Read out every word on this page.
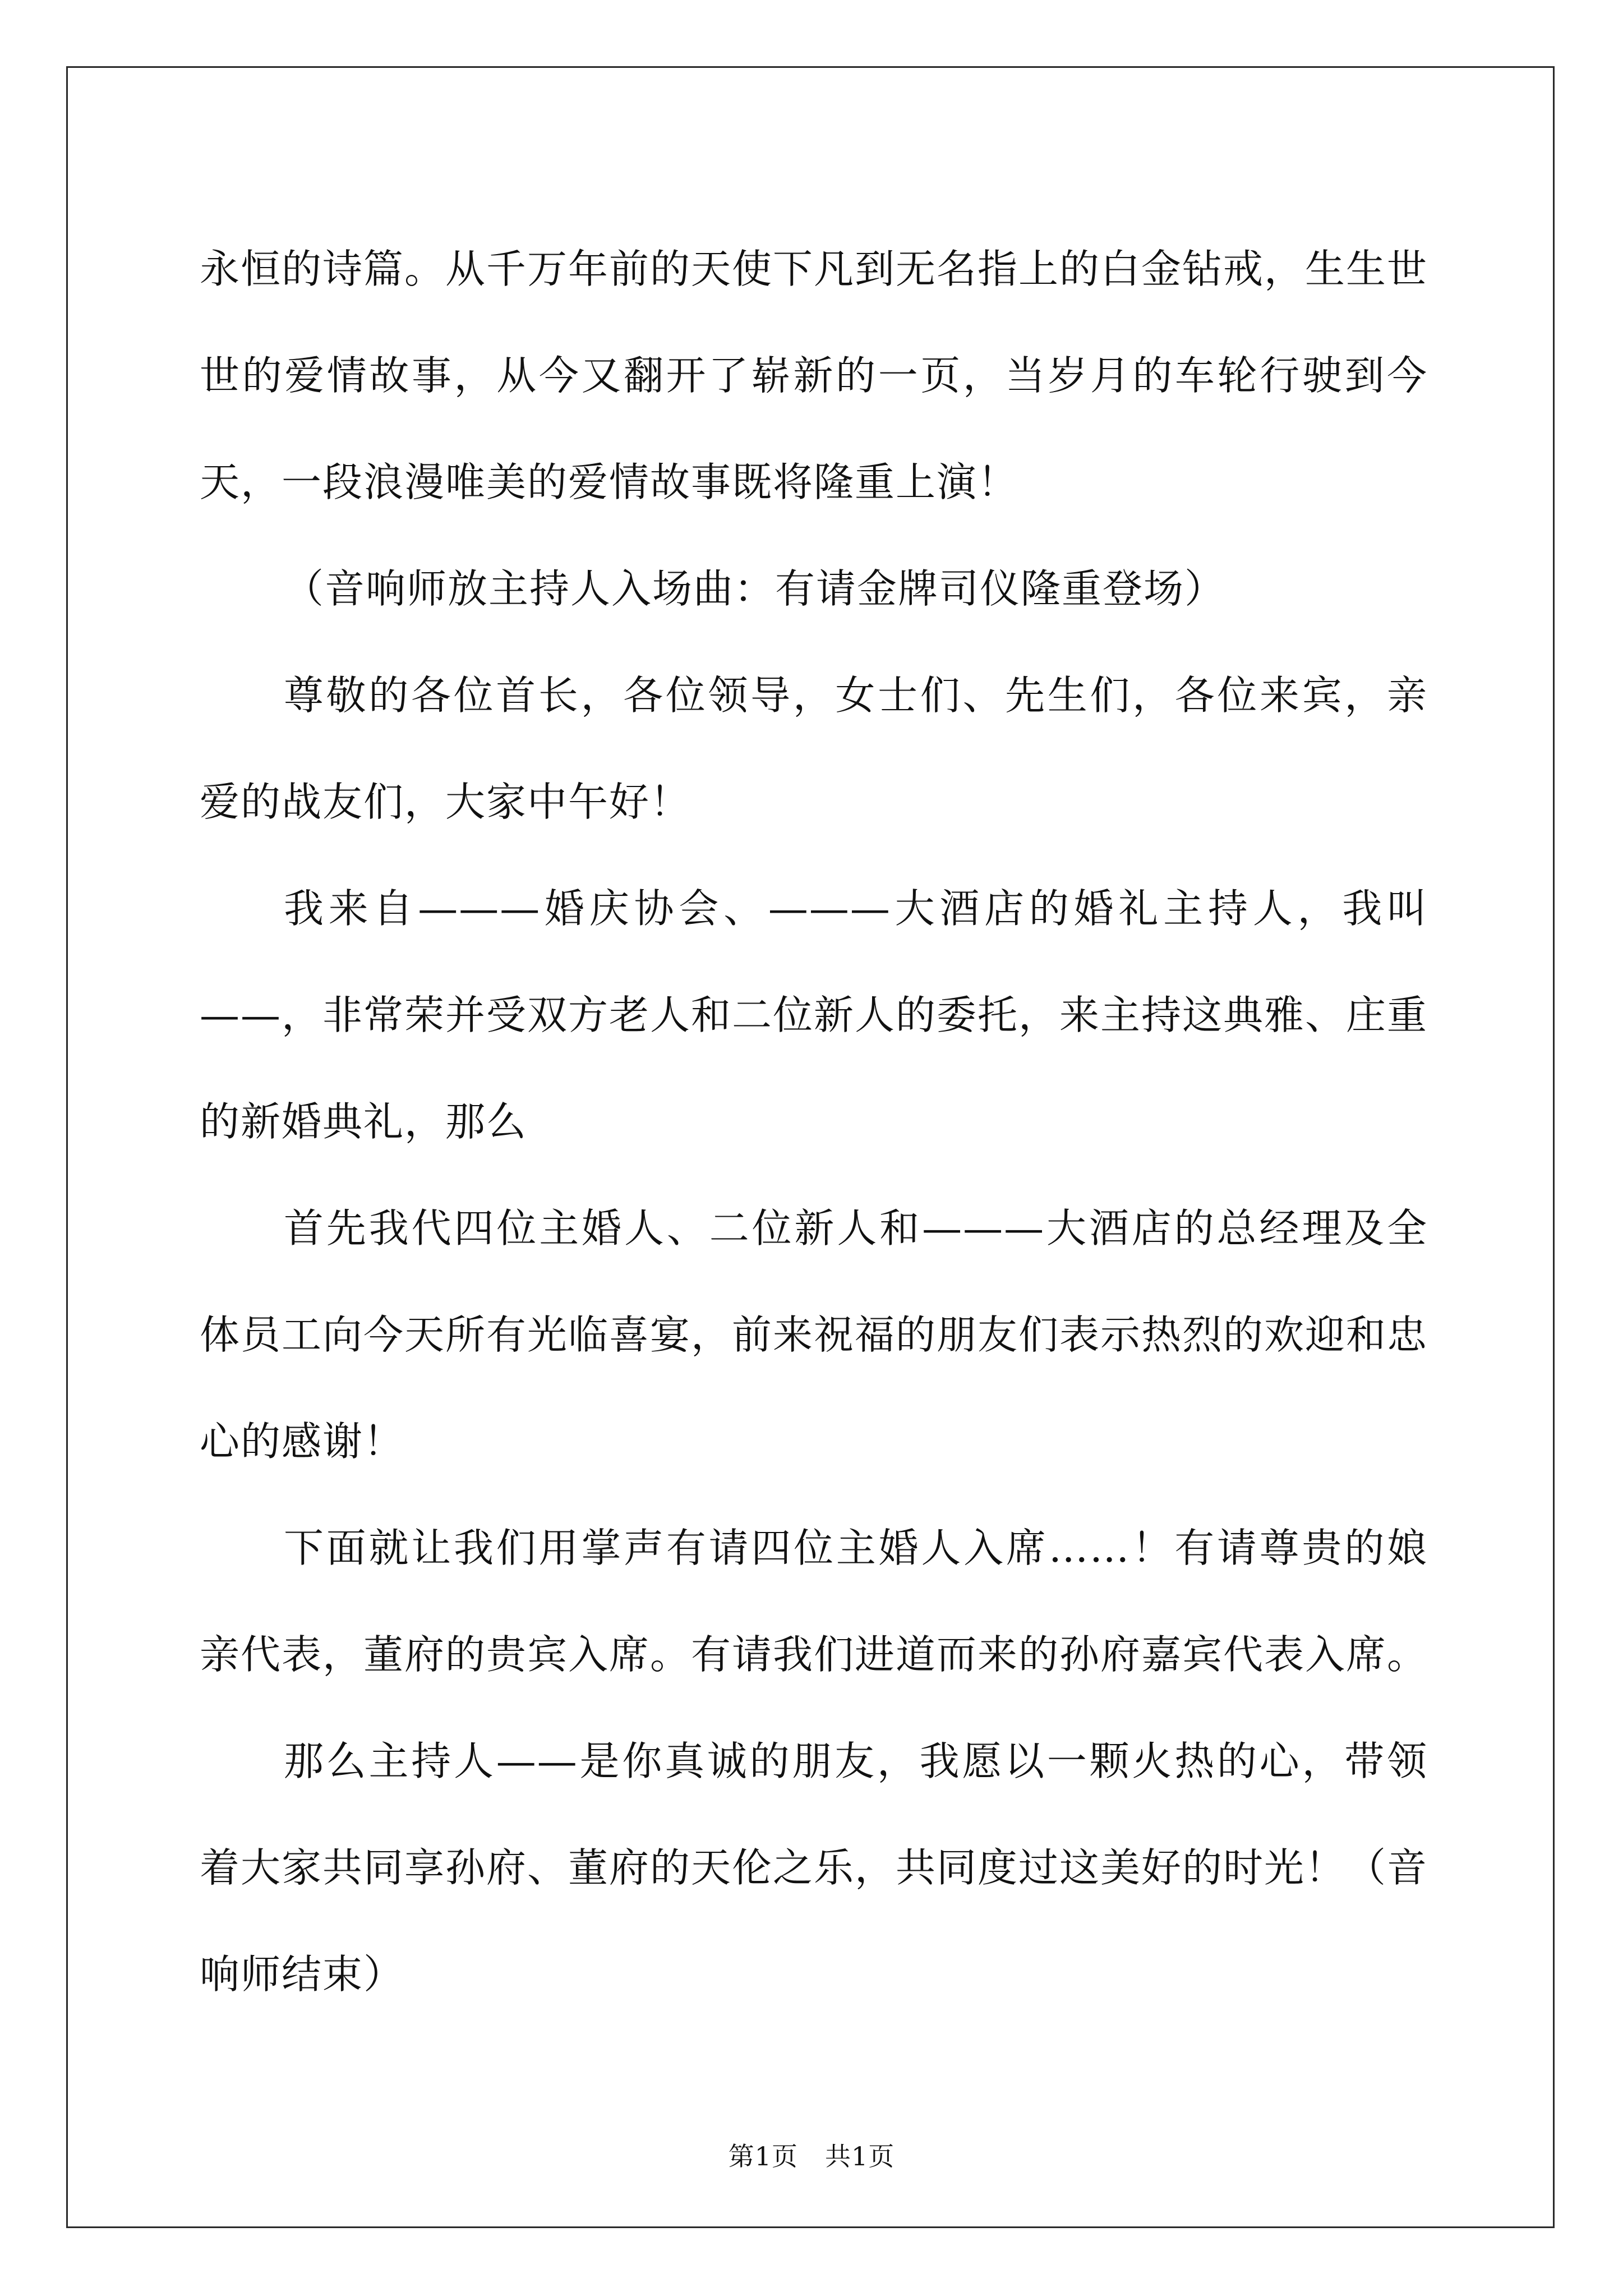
永恒的诗篇。从千万年前的天使下凡到无名指上的白金钻戒，生生世世的爱情故事，从今又翻开了崭新的一页，当岁月的车轮行驶到今天，一段浪漫唯美的爱情故事既将隆重上演！

（音响师放主持人入场曲：有请金牌司仪隆重登场）

尊敬的各位首长，各位领导，女士们、先生们，各位来宾，亲爱的战友们，大家中午好！

我来自———婚庆协会、———大酒店的婚礼主持人，我叫——，非常荣并受双方老人和二位新人的委托，来主持这典雅、庄重的新婚典礼，那么

首先我代四位主婚人、二位新人和———大酒店的总经理及全体员工向今天所有光临喜宴，前来祝福的朋友们表示热烈的欢迎和忠心的感谢！

下面就让我们用掌声有请四位主婚人入席……！有请尊贵的娘亲代表，董府的贵宾入席。有请我们进道而来的孙府嘉宾代表入席。

那么主持人——是你真诚的朋友，我愿以一颗火热的心，带领着大家共同享孙府、董府的天伦之乐，共同度过这美好的时光！（音响师结束）

第1页 共1页
